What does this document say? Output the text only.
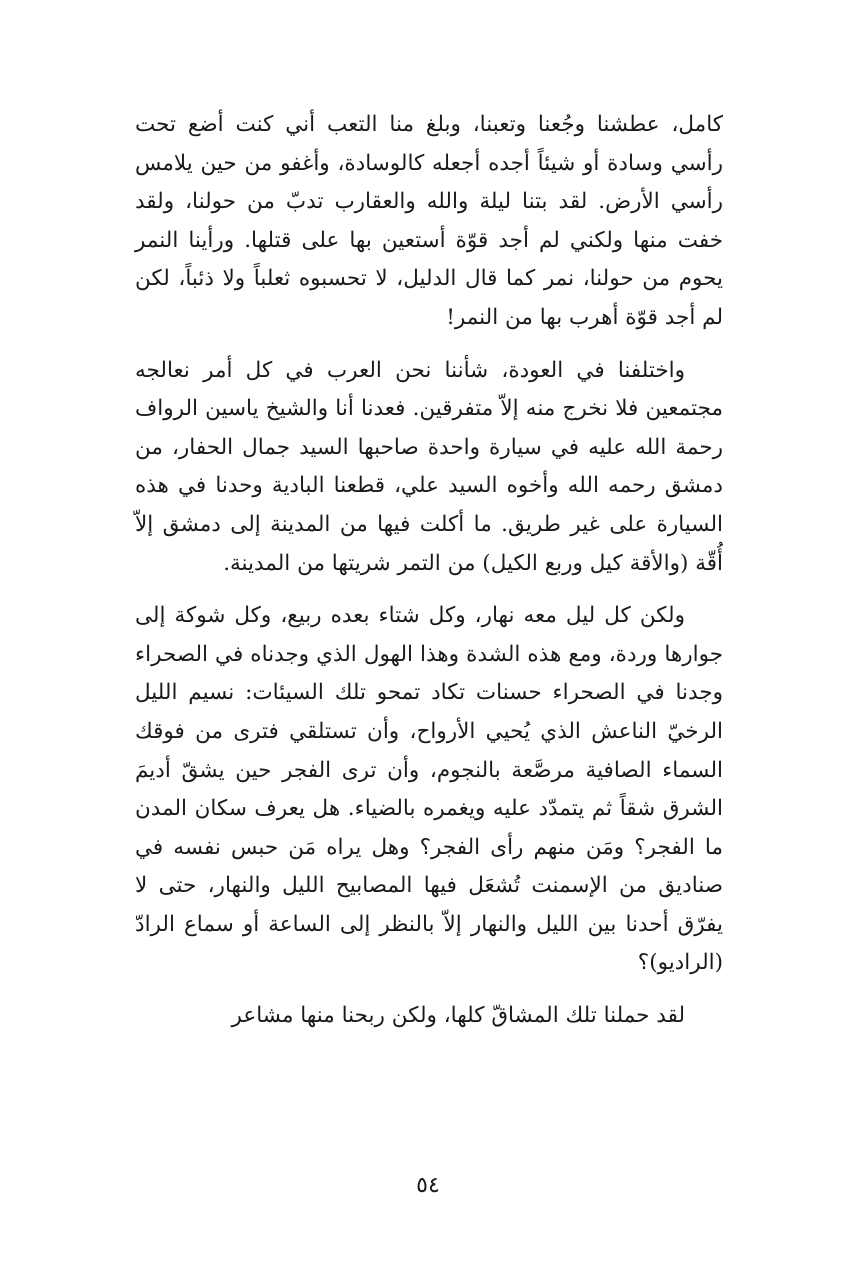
كامل، عطشنا وجُعنا وتعبنا، وبلغ منا التعب أني كنت أضع تحت رأسي وسادة أو شيئاً أجده أجعله كالوسادة، وأغفو من حين يلامس رأسي الأرض. لقد بتنا ليلة والله والعقارب تدبّ من حولنا، ولقد خفت منها ولكني لم أجد قوّة أستعين بها على قتلها. ورأينا النمر يحوم من حولنا، نمر كما قال الدليل، لا تحسبوه ثعلباً ولا ذئباً، لكن لم أجد قوّة أهرب بها من النمر!

واختلفنا في العودة، شأننا نحن العرب في كل أمر نعالجه مجتمعين فلا نخرج منه إلاّ متفرقين. فعدنا أنا والشيخ ياسين الرواف رحمة الله عليه في سيارة واحدة صاحبها السيد جمال الحفار، من دمشق رحمه الله وأخوه السيد علي، قطعنا البادية وحدنا في هذه السيارة على غير طريق. ما أكلت فيها من المدينة إلى دمشق إلاّ أُقّة (والأقة كيل وربع الكيل) من التمر شريتها من المدينة.

ولكن كل ليل معه نهار، وكل شتاء بعده ربيع، وكل شوكة إلى جوارها وردة، ومع هذه الشدة وهذا الهول الذي وجدناه في الصحراء وجدنا في الصحراء حسنات تكاد تمحو تلك السيئات: نسيم الليل الرخيّ الناعش الذي يُحيي الأرواح، وأن تستلقي فترى من فوقك السماء الصافية مرصَّعة بالنجوم، وأن ترى الفجر حين يشقّ أديمَ الشرق شقاً ثم يتمدّد عليه ويغمره بالضياء. هل يعرف سكان المدن ما الفجر؟ ومَن منهم رأى الفجر؟ وهل يراه مَن حبس نفسه في صناديق من الإسمنت تُشعَل فيها المصابيح الليل والنهار، حتى لا يفرّق أحدنا بين الليل والنهار إلاّ بالنظر إلى الساعة أو سماع الرادّ (الراديو)؟

لقد حملنا تلك المشاقّ كلها، ولكن ربحنا منها مشاعر

٥٤
